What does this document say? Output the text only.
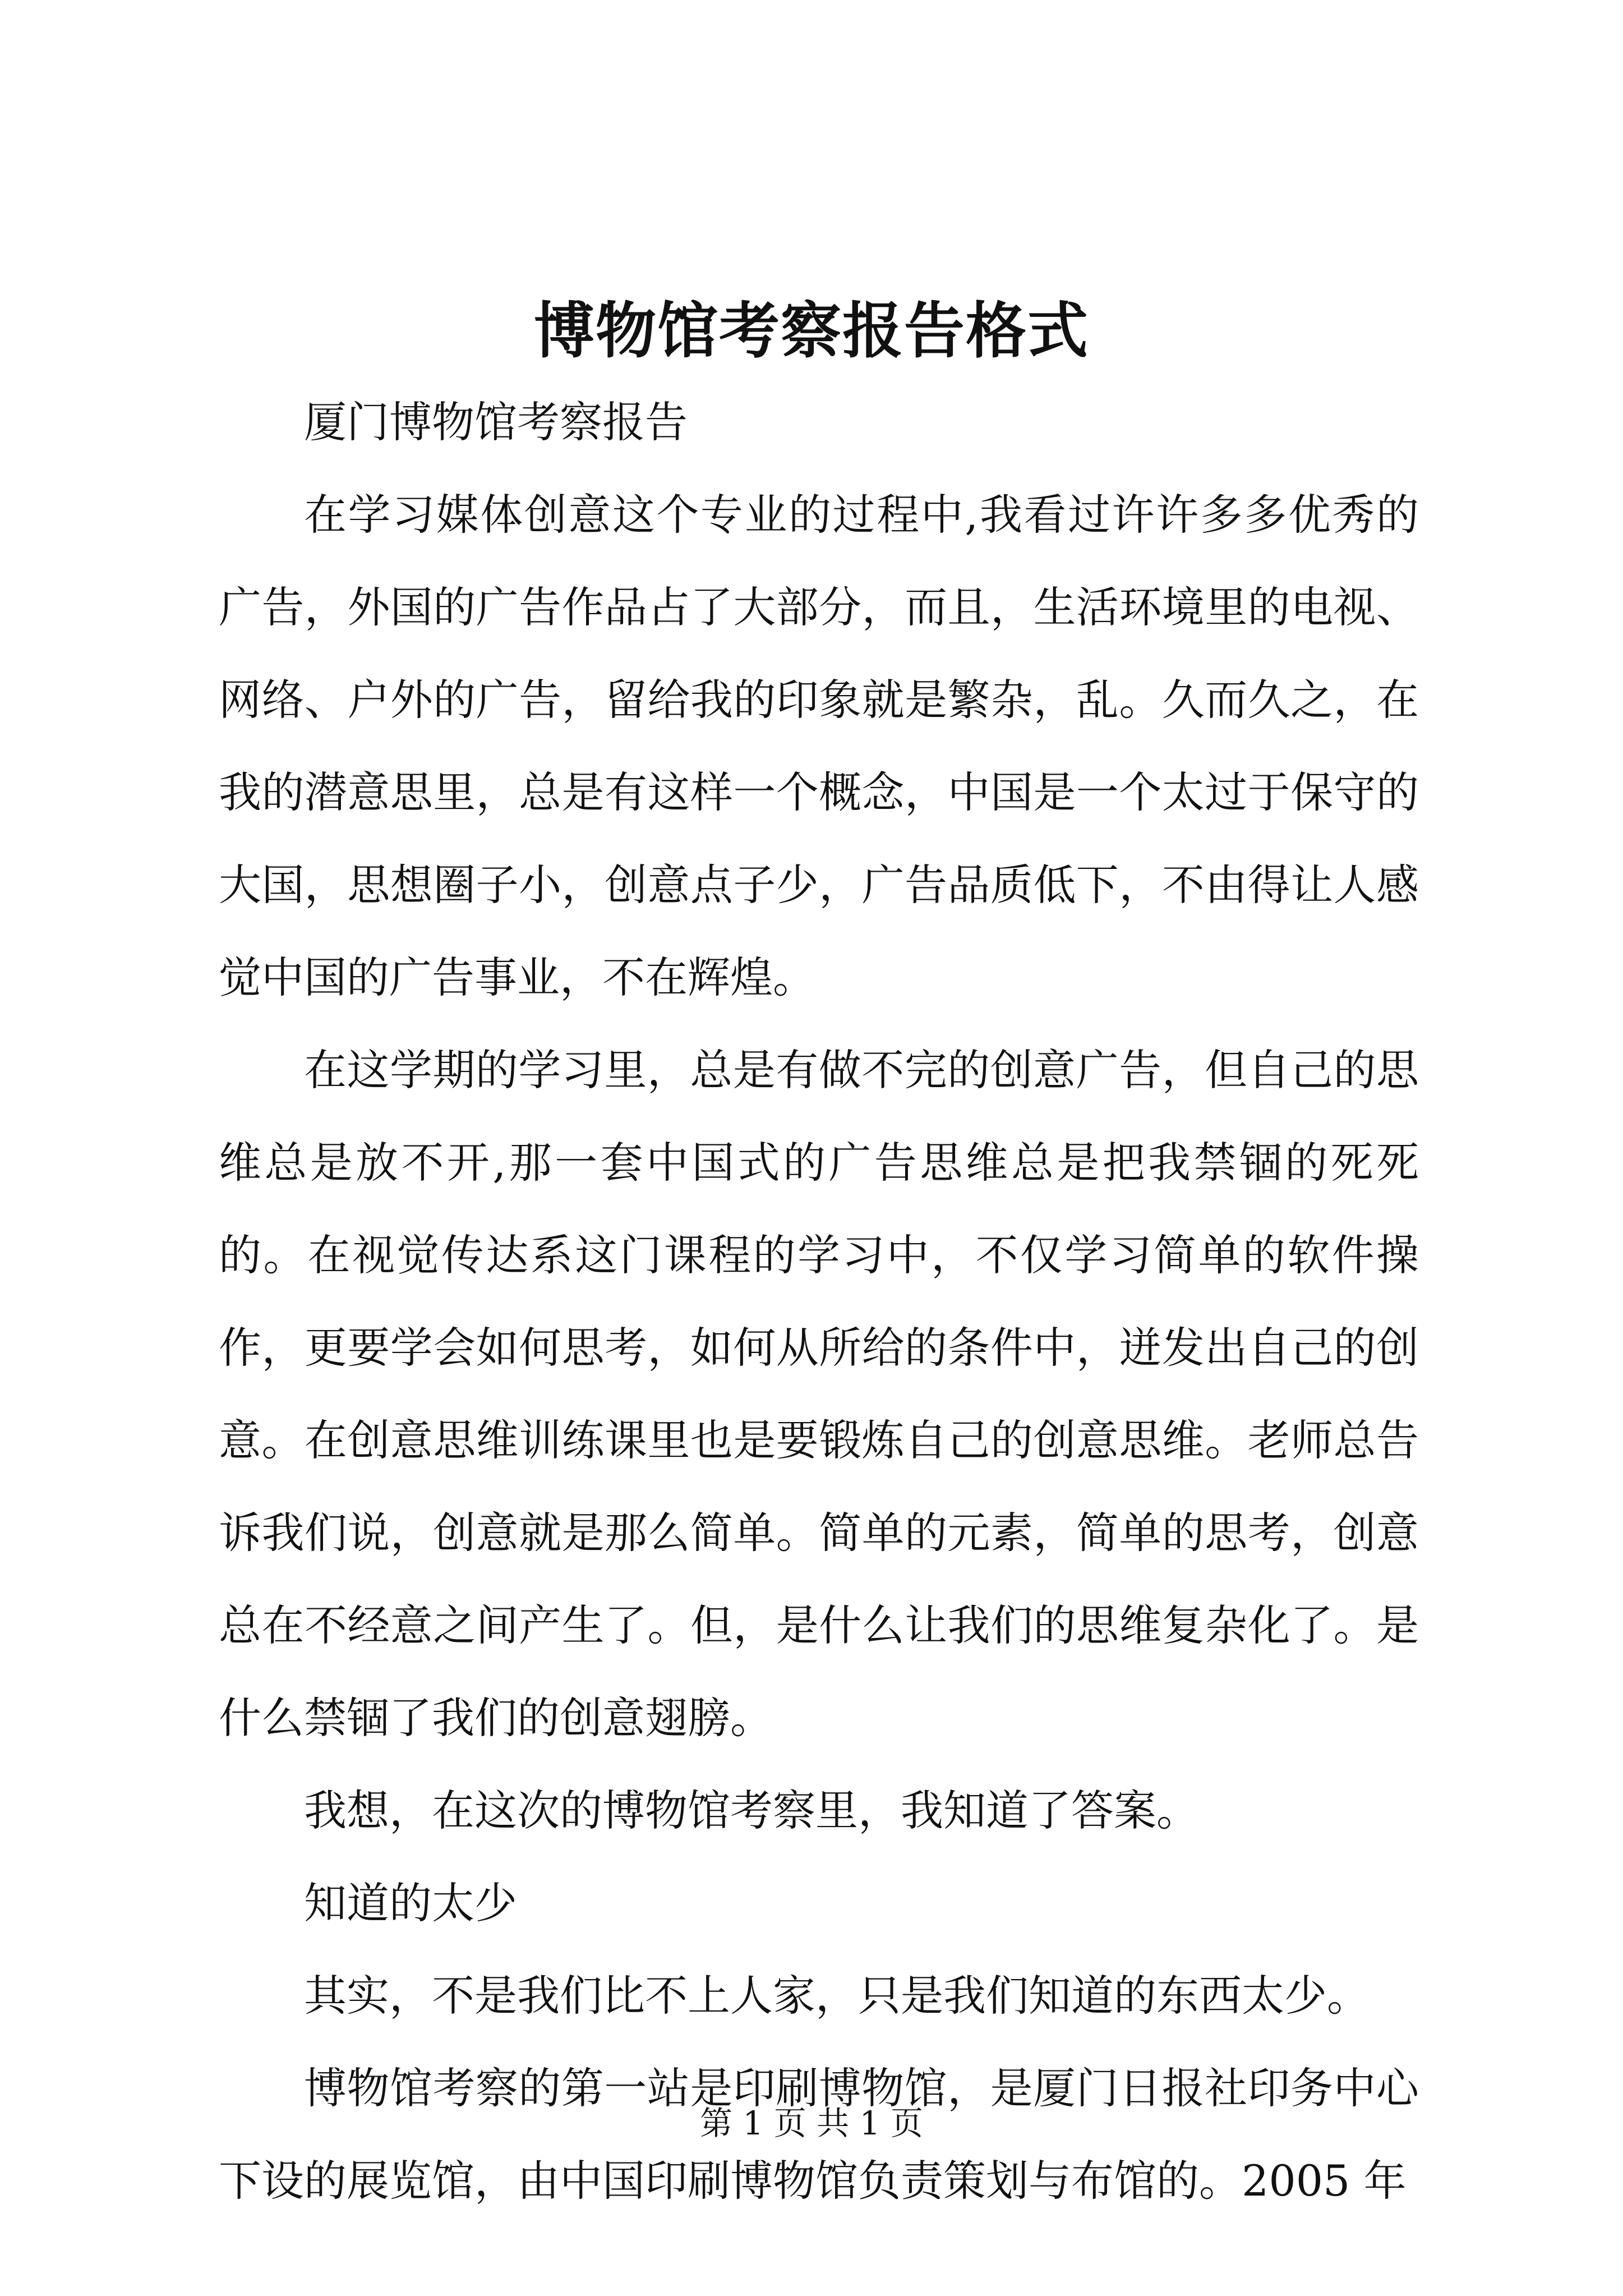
博物馆考察报告格式

厦门博物馆考察报告

在学习媒体创意这个专业的过程中,我看过许许多多优秀的广告，外国的广告作品占了大部分，而且，生活环境里的电视、网络、户外的广告，留给我的印象就是繁杂，乱。久而久之，在我的潜意思里，总是有这样一个概念，中国是一个太过于保守的大国，思想圈子小，创意点子少，广告品质低下，不由得让人感觉中国的广告事业，不在辉煌。

在这学期的学习里，总是有做不完的创意广告，但自己的思维总是放不开,那一套中国式的广告思维总是把我禁锢的死死的。在视觉传达系这门课程的学习中，不仅学习简单的软件操作，更要学会如何思考，如何从所给的条件中，迸发出自己的创意。在创意思维训练课里也是要锻炼自己的创意思维。老师总告诉我们说，创意就是那么简单。简单的元素，简单的思考，创意总在不经意之间产生了。但，是什么让我们的思维复杂化了。是什么禁锢了我们的创意翅膀。

我想，在这次的博物馆考察里，我知道了答案。

知道的太少

其实，不是我们比不上人家，只是我们知道的东西太少。

博物馆考察的第一站是印刷博物馆，是厦门日报社印务中心下设的展览馆，由中国印刷博物馆负责策划与布馆的。2005 年

第 1 页 共 1 页
